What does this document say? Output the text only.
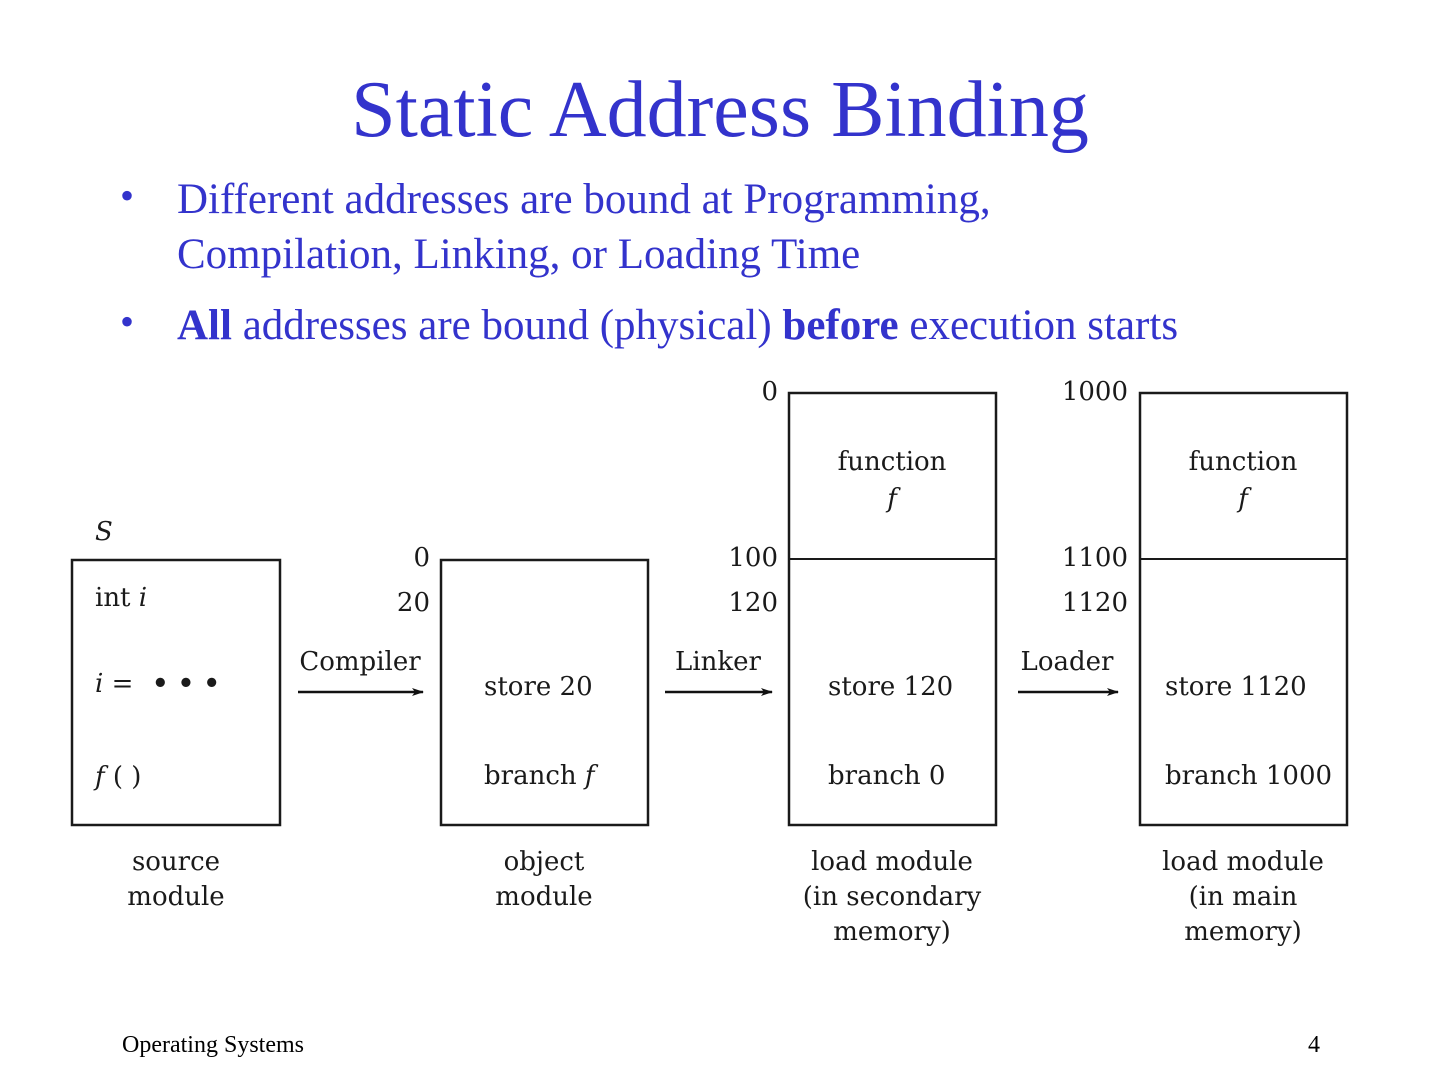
Static Address Binding
• Different addresses are bound at Programming,
Compilation, Linking, or Loading Time
• All addresses are bound (physical) before execution starts
S
int i
i = • • •
f ( )
source
module
Compiler
0
20
store 20
branch f
object
module
Linker
0
100
120
function
f
store 120
branch 0
load module
(in secondary
memory)
Loader
1000
1100
1120
function
f
store 1120
branch 1000
load module
(in main
memory)
Operating Systems	4
